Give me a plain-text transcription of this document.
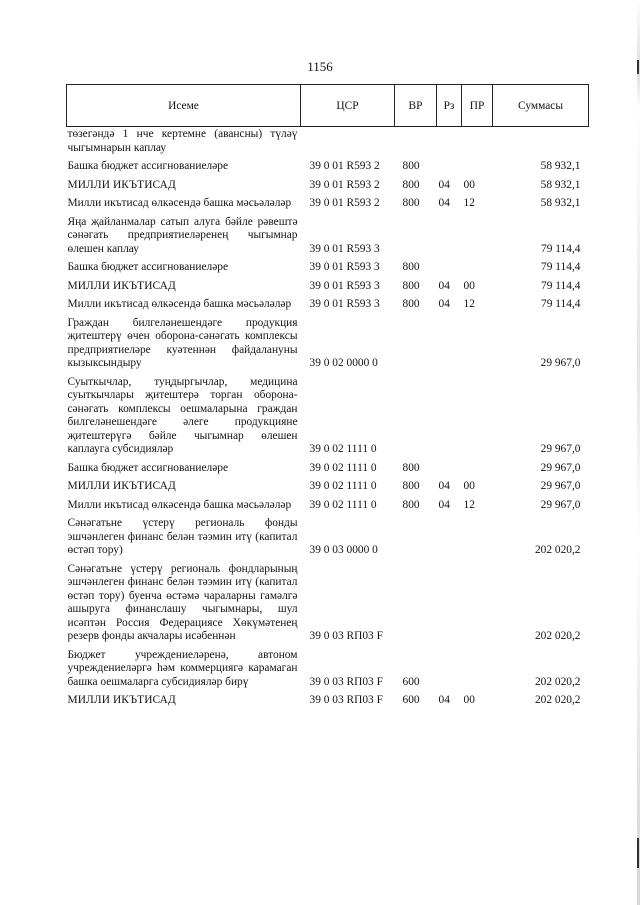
1156
Исеме	ЦСР	ВР	Рз	ПР	Суммасы
төзегәндә 1 нче кертемне (авансны) түләү чыгымнарын каплау					
Башка бюджет ассигнованиеләре	39 0 01 R593 2	800			58 932,1
МИЛЛИ ИКЪТИСАД	39 0 01 R593 2	800	04	00	58 932,1
Милли икътисад өлкәсендә башка мәсьәләләр	39 0 01 R593 2	800	04	12	58 932,1
Яңа җайланмалар сатып алуга бәйле рәвештә сәнәгать предприятиеләренең чыгымнар өлешен каплау	39 0 01 R593 3				79 114,4
Башка бюджет ассигнованиеләре	39 0 01 R593 3	800			79 114,4
МИЛЛИ ИКЪТИСАД	39 0 01 R593 3	800	04	00	79 114,4
Милли икътисад өлкәсендә башка мәсьәләләр	39 0 01 R593 3	800	04	12	79 114,4
Граждан билгеләнешендәге продукция җитештерү өчен оборона-сәнәгать комплексы предприятиеләре куәтеннән файдалануны кызыксындыру	39 0 02 0000 0				29 967,0
Суыткычлар, туңдыргычлар, медицина суыткычлары җитештерә торган оборона-сәнәгать комплексы оешмаларына граждан билгеләнешендәге әлеге продукцияне җитештерүгә бәйле чыгымнар өлешен каплауга субсидияләр	39 0 02 1111 0				29 967,0
Башка бюджет ассигнованиеләре	39 0 02 1111 0	800			29 967,0
МИЛЛИ ИКЪТИСАД	39 0 02 1111 0	800	04	00	29 967,0
Милли икътисад өлкәсендә башка мәсьәләләр	39 0 02 1111 0	800	04	12	29 967,0
Сәнәгатьне үстерү региональ фонды эшчәнлеген финанс белән тәэмин итү (капитал өстәп тору)	39 0 03 0000 0				202 020,2
Сәнәгатьне үстерү региональ фондларының эшчәнлеген финанс белән тәэмин итү (капитал өстәп тору) буенча өстәмә чараларны гамәлгә ашыруга финанслашу чыгымнары, шул исәптән Россия Федерациясе Хөкүмәтенең резерв фонды акчалары исәбеннән	39 0 03 RП03 F				202 020,2
Бюджет учреждениеләренә, автоном учреждениеләргә һәм коммерциягә карамаган башка оешмаларга субсидияләр бирү	39 0 03 RП03 F	600			202 020,2
МИЛЛИ ИКЪТИСАД	39 0 03 RП03 F	600	04	00	202 020,2
